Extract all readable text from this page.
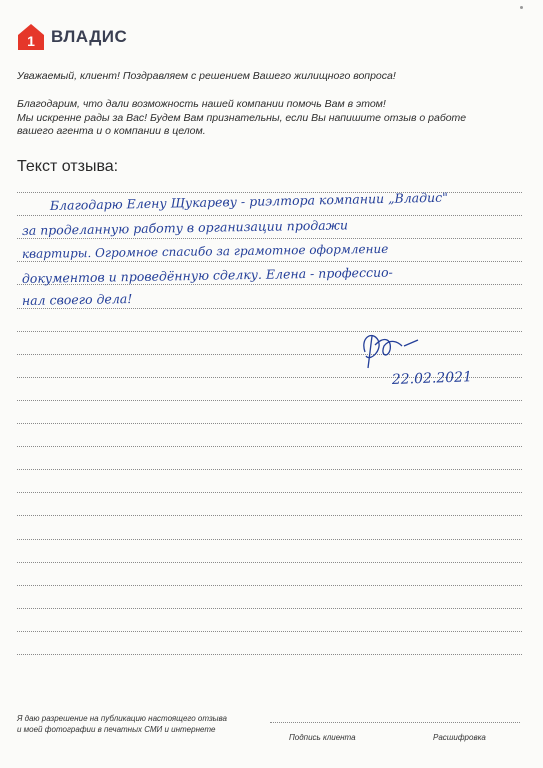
1 ВЛАДИС
Уважаемый, клиент! Поздравляем с решением Вашего жилищного вопроса!
Благодарим, что дали возможность нашей компании помочь Вам в этом!
Мы искренне рады за Вас! Будем Вам признательны, если Вы напишите отзыв о работе
вашего агента и о компании в целом.
Текст отзыва:
Благодарю Елену Щукареву - риэлтора компании „Владис"
за проделанную работу в организации продажи
квартиры. Огромное спасибо за грамотное оформление
документов и проведённую сделку. Елена - профессио-
нал своего дела!
22.02.2021
Я даю разрешение на публикацию настоящего отзыва
и моей фотографии в печатных СМИ и интернете
Подпись клиента	Расшифровка
